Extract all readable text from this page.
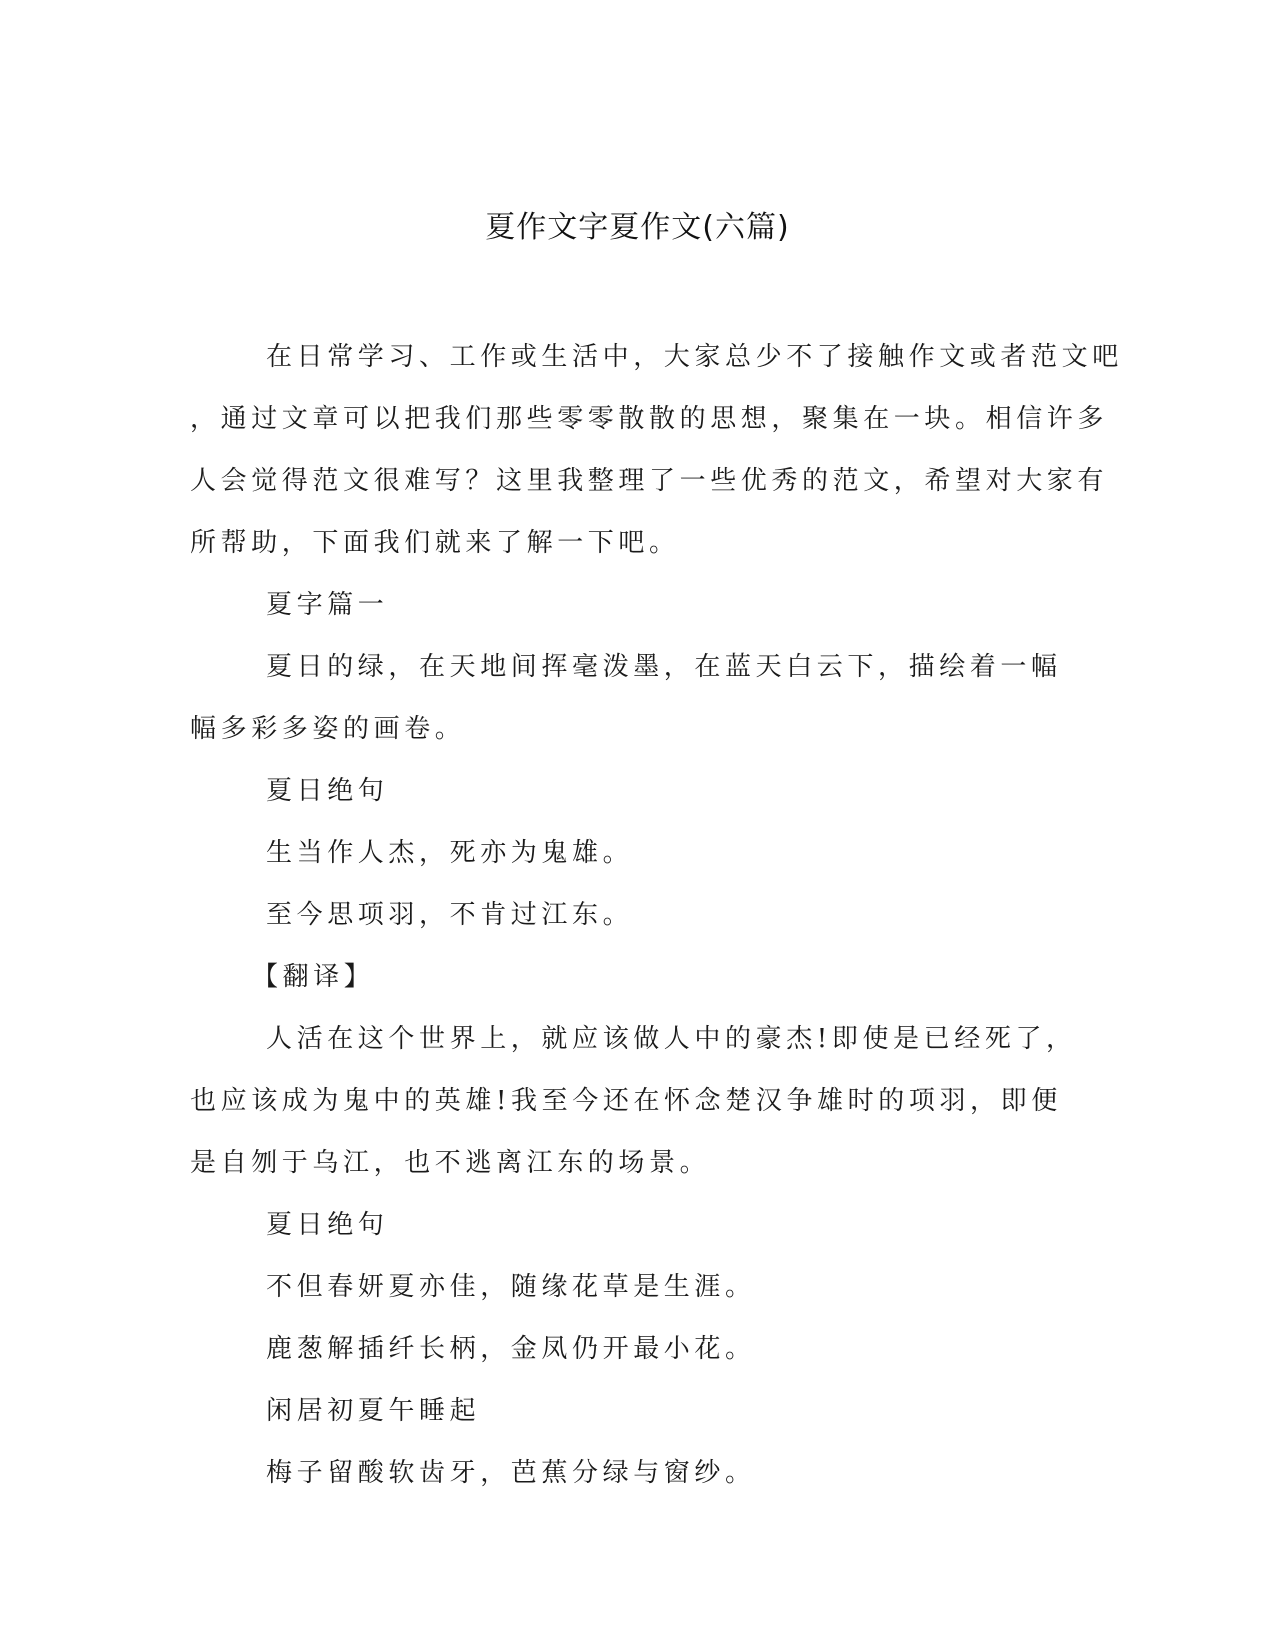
夏作文字夏作文(六篇)

在日常学习、工作或生活中，大家总少不了接触作文或者范文吧

，通过文章可以把我们那些零零散散的思想，聚集在一块。相信许多

人会觉得范文很难写？这里我整理了一些优秀的范文，希望对大家有

所帮助，下面我们就来了解一下吧。

夏字篇一

夏日的绿，在天地间挥毫泼墨，在蓝天白云下，描绘着一幅幅多彩多姿的画卷。

夏日绝句

生当作人杰，死亦为鬼雄。

至今思项羽，不肯过江东。

【翻译】

人活在这个世界上，就应该做人中的豪杰!即使是已经死了，也应该成为鬼中的英雄!我至今还在怀念楚汉争雄时的项羽，即便是自刎于乌江，也不逃离江东的场景。

夏日绝句

不但春妍夏亦佳，随缘花草是生涯。

鹿葱解插纤长柄，金凤仍开最小花。

闲居初夏午睡起

梅子留酸软齿牙，芭蕉分绿与窗纱。
